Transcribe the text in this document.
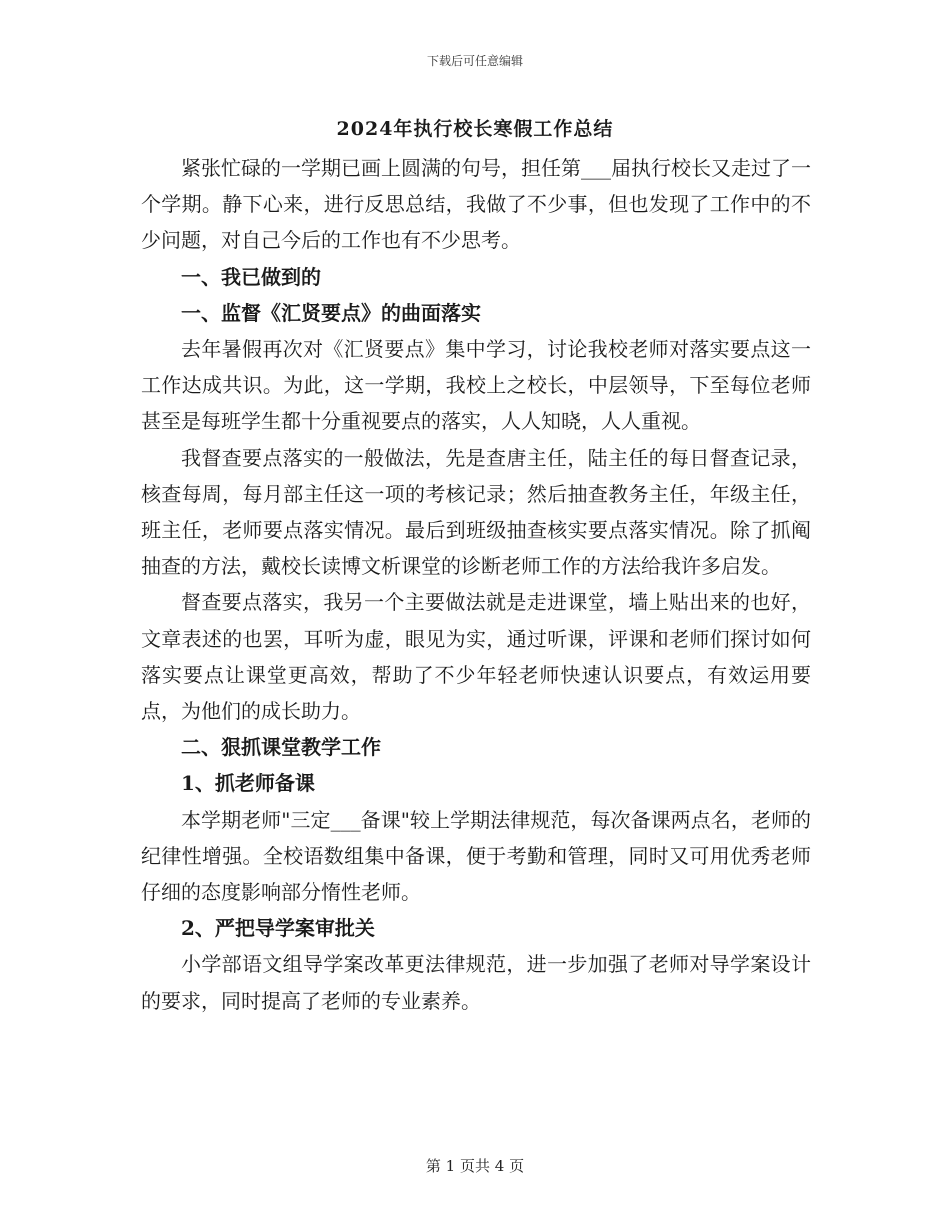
下载后可任意编辑
2024年执行校长寒假工作总结

紧张忙碌的一学期已画上圆满的句号，担任第___届执行校长又走过了一个学期。静下心来，进行反思总结，我做了不少事，但也发现了工作中的不少问题，对自己今后的工作也有不少思考。

一、我已做到的

一、监督《汇贤要点》的曲面落实

去年暑假再次对《汇贤要点》集中学习，讨论我校老师对落实要点这一工作达成共识。为此，这一学期，我校上之校长，中层领导，下至每位老师甚至是每班学生都十分重视要点的落实，人人知晓，人人重视。

我督查要点落实的一般做法，先是查唐主任，陆主任的每日督查记录，核查每周，每月部主任这一项的考核记录；然后抽查教务主任，年级主任，班主任，老师要点落实情况。最后到班级抽查核实要点落实情况。除了抓阄抽查的方法，戴校长读博文析课堂的诊断老师工作的方法给我许多启发。

督查要点落实，我另一个主要做法就是走进课堂，墙上贴出来的也好，文章表述的也罢，耳听为虚，眼见为实，通过听课，评课和老师们探讨如何落实要点让课堂更高效，帮助了不少年轻老师快速认识要点，有效运用要点，为他们的成长助力。

二、狠抓课堂教学工作

1、抓老师备课

本学期老师"三定___备课"较上学期法律规范，每次备课两点名，老师的纪律性增强。全校语数组集中备课，便于考勤和管理，同时又可用优秀老师仔细的态度影响部分惰性老师。

2、严把导学案审批关

小学部语文组导学案改革更法律规范，进一步加强了老师对导学案设计的要求，同时提高了老师的专业素养。

第 1 页共 4 页
